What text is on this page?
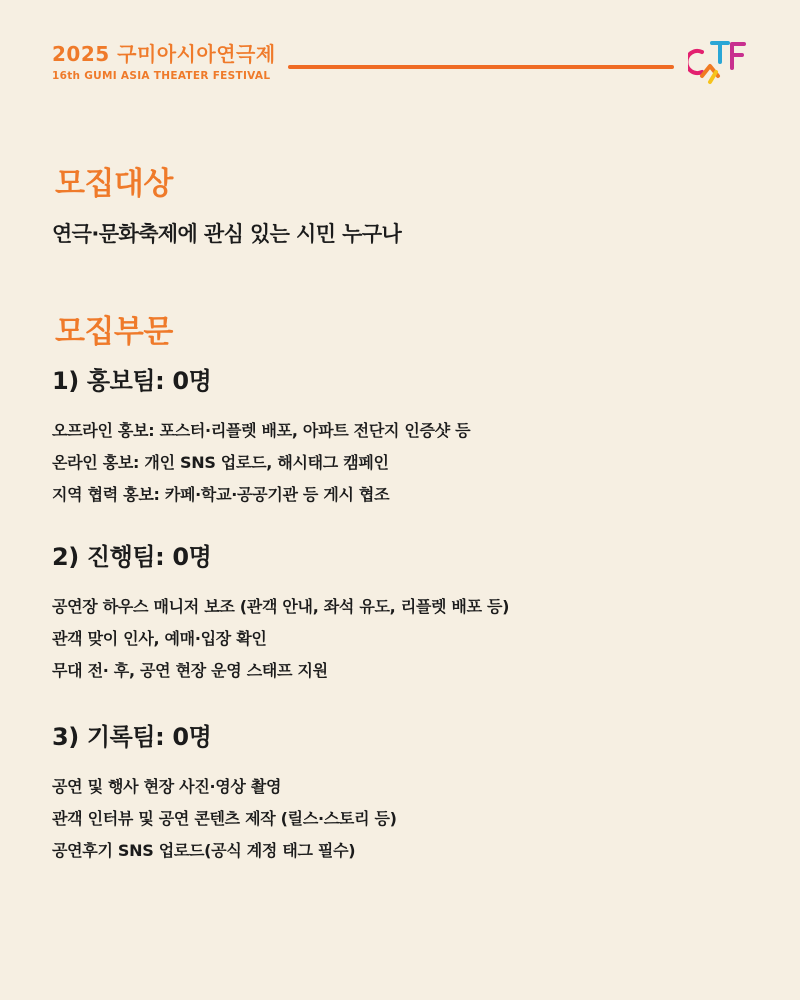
2025 구미아시아연극제
16th GUMI ASIA THEATER FESTIVAL
모집대상
연극·문화축제에 관심 있는 시민 누구나
모집부문
1) 홍보팀: 0명
오프라인 홍보: 포스터·리플렛 배포, 아파트 전단지 인증샷 등
온라인 홍보: 개인 SNS 업로드, 해시태그 캠페인
지역 협력 홍보: 카페·학교·공공기관 등 게시 협조
2) 진행팀: 0명
공연장 하우스 매니저 보조 (관객 안내, 좌석 유도, 리플렛 배포 등)
관객 맞이 인사, 예매·입장 확인
무대 전· 후, 공연 현장 운영 스태프 지원
3) 기록팀: 0명
공연 및 행사 현장 사진·영상 촬영
관객 인터뷰 및 공연 콘텐츠 제작 (릴스·스토리 등)
공연후기 SNS 업로드(공식 계정 태그 필수)
